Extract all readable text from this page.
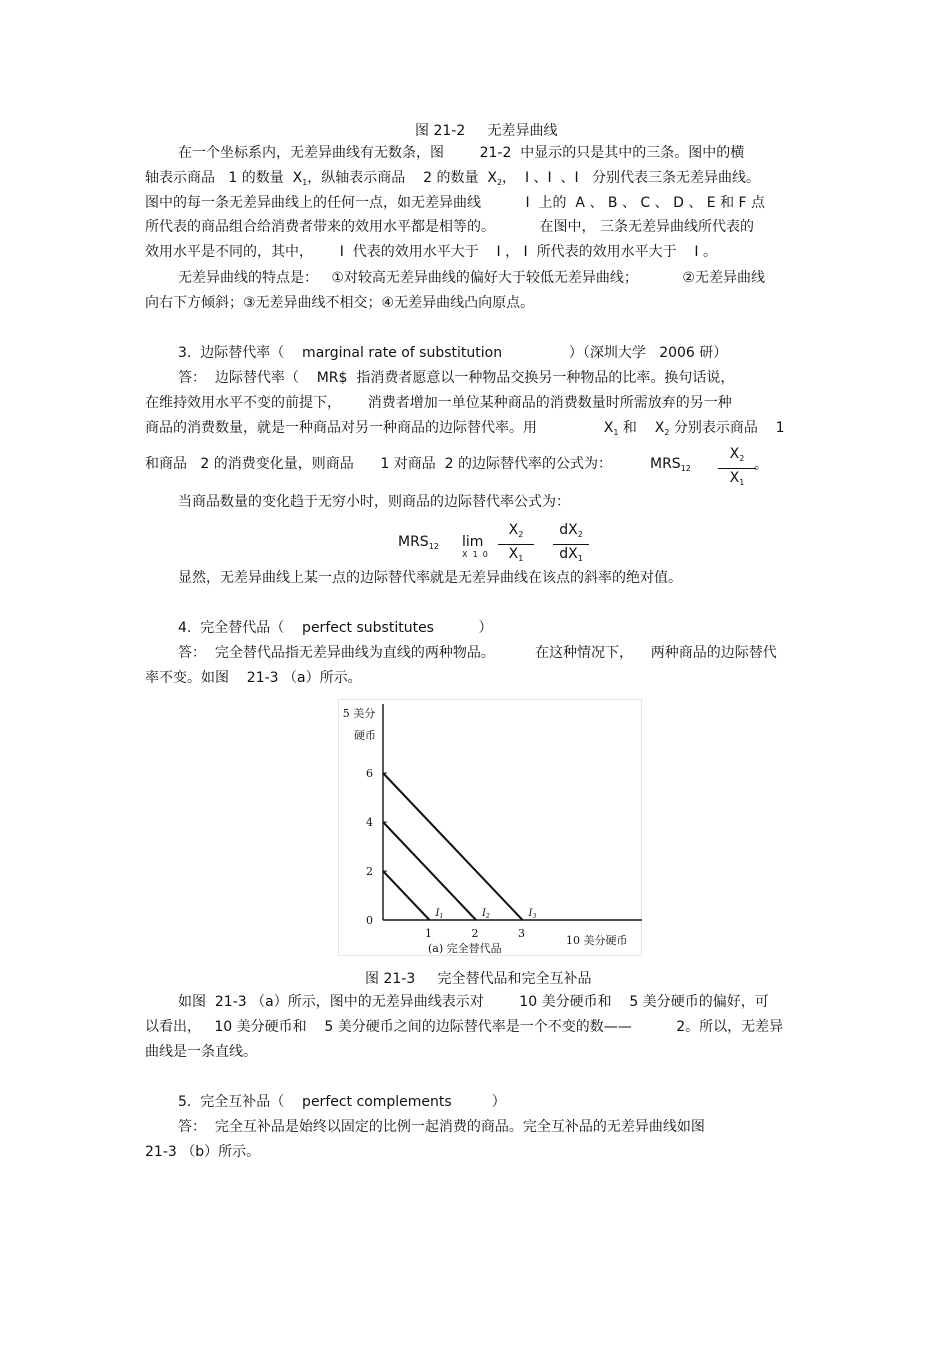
图 21-2     无差异曲线
在一个坐标系内，无差异曲线有无数条，图        21-2  中显示的只是其中的三条。图中的横
轴表示商品   1 的数量  $X_1$，纵轴表示商品    2 的数量  $X_2$，  Ⅰ 、Ⅰ  、Ⅰ   分别代表三条无差异曲线。
图中的每一条无差异曲线上的任何一点，如无差异曲线          Ⅰ  上的  A 、 B 、 C 、 D 、 E 和 F 点
所代表的商品组合给消费者带来的效用水平都是相等的。          在图中， 三条无差异曲线所代表的
效用水平是不同的，其中，      Ⅰ  代表的效用水平大于    Ⅰ ， Ⅰ  所代表的效用水平大于    Ⅰ 。
无差异曲线的特点是：   ①对较高无差异曲线的偏好大于较低无差异曲线；          ②无差异曲线
向右下方倾斜；③无差异曲线不相交；④无差异曲线凸向原点。
3.  边际替代率（    marginal rate of substitution               ）（深圳大学   2006 研）
答：  边际替代率（    MR$  指消费者愿意以一种物品交换另一种物品的比率。换句话说，
在维持效用水平不变的前提下，      消费者增加一单位某种商品的消费数量时所需放弃的另一种
商品的消费数量，就是一种商品对另一种商品的边际替代率。用               $X_1$ 和    $X_2$ 分别表示商品    1
和商品   2 的消费变化量，则商品      1 对商品  2 的边际替代率的公式为：	$MRS_{12} \frac{X_2}{X_1}$
。
当商品数量的变化趋于无穷小时，则商品的边际替代率公式为：
$MRS_{12}$ lim
X  1  $0 \frac{X_2}{X_1} \frac{dX_2}{dX_1}$
显然，无差异曲线上某一点的边际替代率就是无差异曲线在该点的斜率的绝对值。
4.  完全替代品（    perfect substitutes          ）
答：  完全替代品指无差异曲线为直线的两种物品。         在这种情况下，    两种商品的边际替代
率不变。如图    21-3 （a）所示。
0
2
4
6
1	2	3
$I_1$	$I_2$	$I_3$
5 美分
硬币
10 美分硬币
(a) 完全替代品
图 21-3     完全替代品和完全互补品
如图  21-3 （a）所示，图中的无差异曲线表示对        10 美分硬币和    5 美分硬币的偏好，可
以看出，   10 美分硬币和    5 美分硬币之间的边际替代率是一个不变的数——          2。所以，无差异
曲线是一条直线。
5.  完全互补品（    perfect complements         ）
答：  完全互补品是始终以固定的比例一起消费的商品。完全互补品的无差异曲线如图
21-3 （b）所示。
